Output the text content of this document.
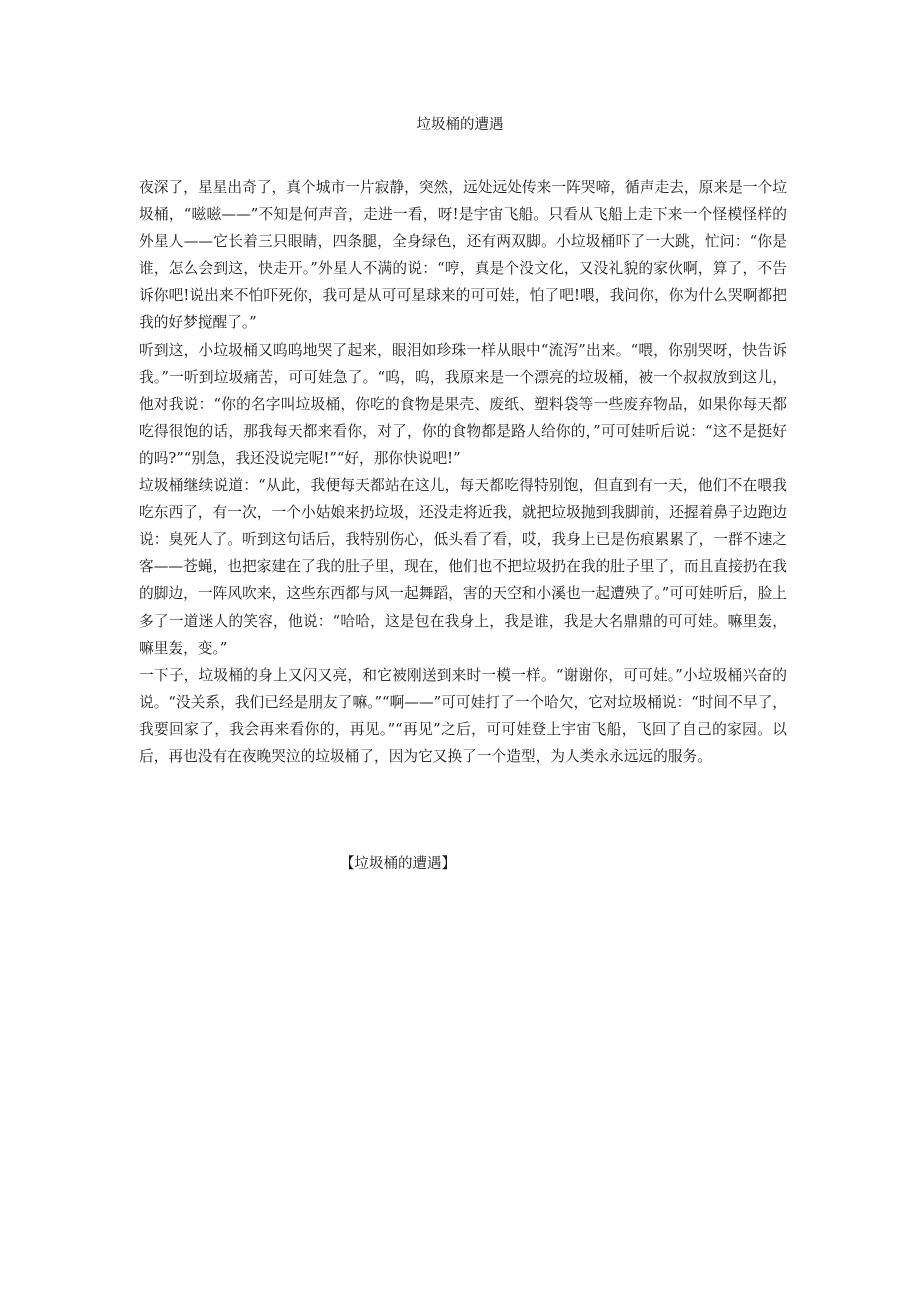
垃圾桶的遭遇

夜深了，星星出奇了，真个城市一片寂静，突然，远处远处传来一阵哭啼，循声走去，原来是一个垃圾桶，“嗞嗞——”不知是何声音，走进一看，呀!是宇宙飞船。只看从飞船上走下来一个怪模怪样的外星人——它长着三只眼睛，四条腿，全身绿色，还有两双脚。小垃圾桶吓了一大跳，忙问：“你是谁，怎么会到这，快走开。”外星人不满的说：“哼，真是个没文化，又没礼貌的家伙啊，算了，不告诉你吧!说出来不怕吓死你，我可是从可可星球来的可可娃，怕了吧!喂，我问你，你为什么哭啊都把我的好梦搅醒了。”

听到这，小垃圾桶又呜呜地哭了起来，眼泪如珍珠一样从眼中“流泻”出来。“喂，你别哭呀，快告诉我。”一听到垃圾痛苦，可可娃急了。“呜，呜，我原来是一个漂亮的垃圾桶，被一个叔叔放到这儿，他对我说：“你的名字叫垃圾桶，你吃的食物是果壳、废纸、塑料袋等一些废弃物品，如果你每天都吃得很饱的话，那我每天都来看你，对了，你的食物都是路人给你的，”可可娃听后说：“这不是挺好的吗?”“别急，我还没说完呢!”“好，那你快说吧!”

垃圾桶继续说道：“从此，我便每天都站在这儿，每天都吃得特别饱，但直到有一天，他们不在喂我吃东西了，有一次，一个小姑娘来扔垃圾，还没走将近我，就把垃圾抛到我脚前，还握着鼻子边跑边说：臭死人了。听到这句话后，我特别伤心，低头看了看，哎，我身上已是伤痕累累了，一群不速之客——苍蝇，也把家建在了我的肚子里，现在，他们也不把垃圾扔在我的肚子里了，而且直接扔在我的脚边，一阵风吹来，这些东西都与风一起舞蹈，害的天空和小溪也一起遭殃了。”可可娃听后，脸上多了一道迷人的笑容，他说：“哈哈，这是包在我身上，我是谁，我是大名鼎鼎的可可娃。嘛里轰，嘛里轰，变。”

一下子，垃圾桶的身上又闪又亮，和它被刚送到来时一模一样。“谢谢你，可可娃。”小垃圾桶兴奋的说。“没关系，我们已经是朋友了嘛。”“啊——”可可娃打了一个哈欠，它对垃圾桶说：“时间不早了，我要回家了，我会再来看你的，再见。”“再见”之后，可可娃登上宇宙飞船，飞回了自己的家园。以后，再也没有在夜晚哭泣的垃圾桶了，因为它又换了一个造型，为人类永永远远的服务。

【垃圾桶的遭遇】
